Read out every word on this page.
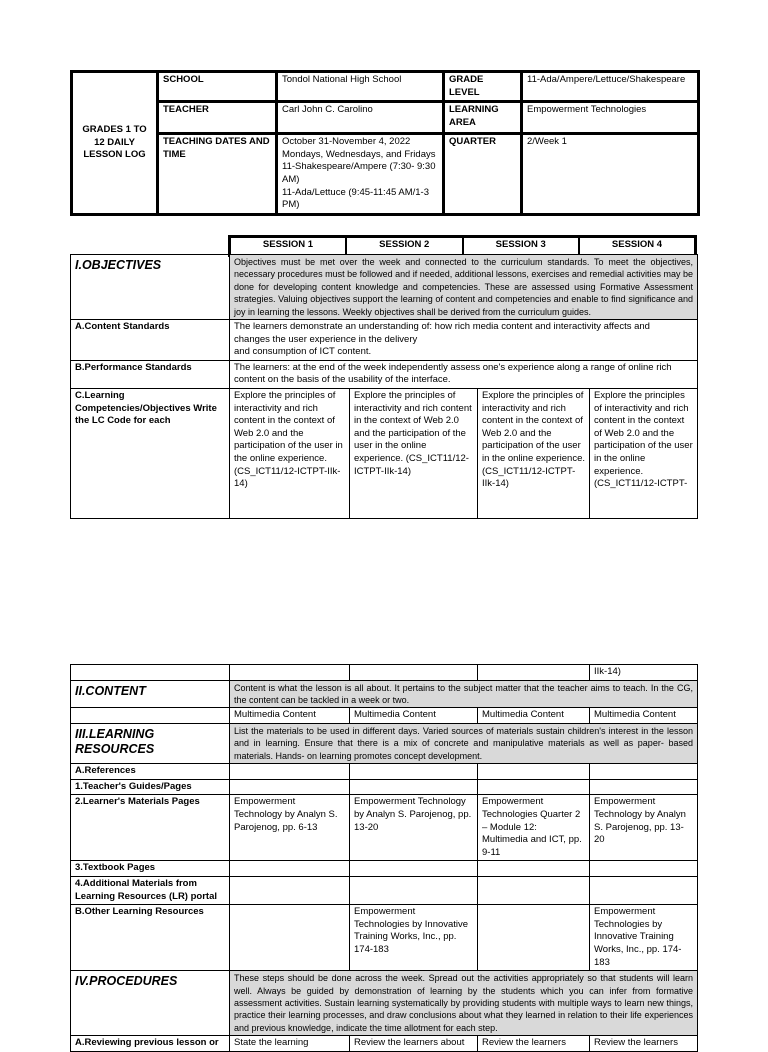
GRADES 1 TO 12 DAILY LESSON LOG	SCHOOL	Tondol National High School	GRADE LEVEL	11-Ada/Ampere/Lettuce/Shakespeare
	TEACHER	Carl John C. Carolino	LEARNING AREA	Empowerment Technologies
	TEACHING DATES AND TIME	October 31-November 4, 2022
Mondays, Wednesdays, and Fridays
11-Shakespeare/Ampere (7:30- 9:30 AM)
11-Ada/Lettuce (9:45-11:45 AM/1-3 PM)	QUARTER	2/Week 1
SESSION 1	SESSION 2	SESSION 3	SESSION 4
I.OBJECTIVES	Objectives must be met over the week and connected to the curriculum standards. To meet the objectives, necessary procedures must be followed and if needed, additional lessons, exercises and remedial activities may be done for developing content knowledge and competencies. These are assessed using Formative Assessment strategies. Valuing objectives support the learning of content and competencies and enable to find significance and joy in learning the lessons. Weekly objectives shall be derived from the curriculum guides.			
A.Content Standards	The learners demonstrate an understanding of: how rich media content and interactivity affects and
changes the user experience in the delivery
and consumption of ICT content.			

B.Performance Standards	The learners: at the end of the week independently assess one's experience along a range of online rich content on the basis of the usability of the interface.			
C.Learning Competencies/Objectives Write the LC Code for each	Explore the principles of interactivity and rich content in the context of Web 2.0 and the participation of the user in the online experience. (CS_ICT11/12-ICTPT-IIk-14)	Explore the principles of interactivity and rich content in the context of Web 2.0 and the participation of the user in the online experience. (CS_ICT11/12-ICTPT-IIk-14)	Explore the principles of interactivity and rich content in the context of Web 2.0 and the participation of the user in the online experience. (CS_ICT11/12-ICTPT-IIk-14)	Explore the principles of interactivity and rich content in the context of Web 2.0 and the participation of the user in the online experience. (CS_ICT11/12-ICTPT-
				IIk-14)
II.CONTENT	Content is what the lesson is all about. It pertains to the subject matter that the teacher aims to teach. In the CG, the content can be tackled in a week or two.			
	Multimedia Content	Multimedia Content	Multimedia Content	Multimedia Content
III.LEARNING RESOURCES	List the materials to be used in different days. Varied sources of materials sustain children's interest in the lesson and in learning. Ensure that there is a mix of concrete and manipulative materials as well as paper- based materials. Hands- on learning promotes concept development.			
A.References				
1.Teacher's Guides/Pages				
2.Learner's Materials Pages	Empowerment Technology by Analyn S. Parojenog, pp. 6-13	Empowerment Technology by Analyn S. Parojenog, pp. 13-20	Empowerment Technologies Quarter 2 – Module 12: Multimedia and ICT, pp. 9-11	Empowerment Technology by Analyn S. Parojenog, pp. 13-20
3.Textbook Pages				
4.Additional Materials from Learning Resources (LR) portal				
B.Other Learning Resources		Empowerment Technologies by Innovative Training Works, Inc., pp. 174-183		Empowerment Technologies by Innovative Training Works, Inc., pp. 174-183
IV.PROCEDURES	These steps should be done across the week. Spread out the activities appropriately so that students will learn well. Always be guided by demonstration of learning by the students which you can infer from formative assessment activities. Sustain learning systematically by providing students with multiple ways to learn new things, practice their learning processes, and draw conclusions about what they learned in relation to their life experiences and previous knowledge, indicate the time allotment for each step.			
A.Reviewing previous lesson or	State the learning	Review the learners about	Review the learners	Review the learners
